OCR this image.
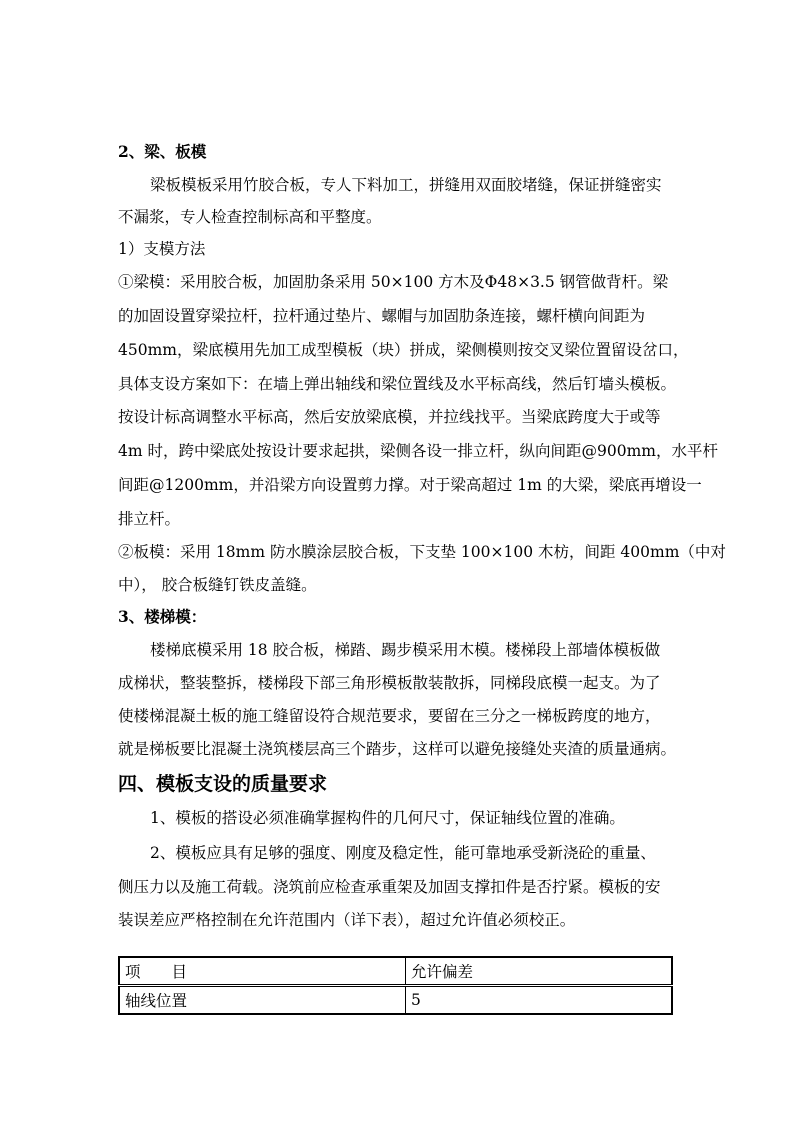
2、梁、板模
梁板模板采用竹胶合板，专人下料加工，拼缝用双面胶堵缝，保证拼缝密实
不漏浆，专人检查控制标高和平整度。
1）支模方法
①梁模：采用胶合板，加固肋条采用 50×100 方木及Φ48×3.5 钢管做背杆。梁
的加固设置穿梁拉杆，拉杆通过垫片、螺帽与加固肋条连接，螺杆横向间距为
450mm，梁底模用先加工成型模板（块）拼成，梁侧模则按交叉梁位置留设岔口，
具体支设方案如下：在墙上弹出轴线和梁位置线及水平标高线，然后钉墙头模板。
按设计标高调整水平标高，然后安放梁底模，并拉线找平。当梁底跨度大于或等
4m 时，跨中梁底处按设计要求起拱，梁侧各设一排立杆，纵向间距@900mm，水平杆
间距@1200mm，并沿梁方向设置剪力撑。对于梁高超过 1m 的大梁，梁底再增设一
排立杆。
②板模：采用 18mm 防水膜涂层胶合板，下支垫 100×100 木枋，间距 400mm（中对
中）， 胶合板缝钉铁皮盖缝。
3、楼梯模：
楼梯底模采用 18 胶合板，梯踏、踢步模采用木模。楼梯段上部墙体模板做
成梯状，整装整拆，楼梯段下部三角形模板散装散拆，同梯段底模一起支。为了
使楼梯混凝土板的施工缝留设符合规范要求，要留在三分之一梯板跨度的地方，
就是梯板要比混凝土浇筑楼层高三个踏步，这样可以避免接缝处夹渣的质量通病。
四、模板支设的质量要求
1、模板的搭设必须准确掌握构件的几何尺寸，保证轴线位置的准确。
2、模板应具有足够的强度、刚度及稳定性，能可靠地承受新浇砼的重量、
侧压力以及施工荷载。浇筑前应检查承重架及加固支撑扣件是否拧紧。模板的安
装误差应严格控制在允许范围内（详下表），超过允许值必须校正。
项　　目	允许偏差
轴线位置	5
